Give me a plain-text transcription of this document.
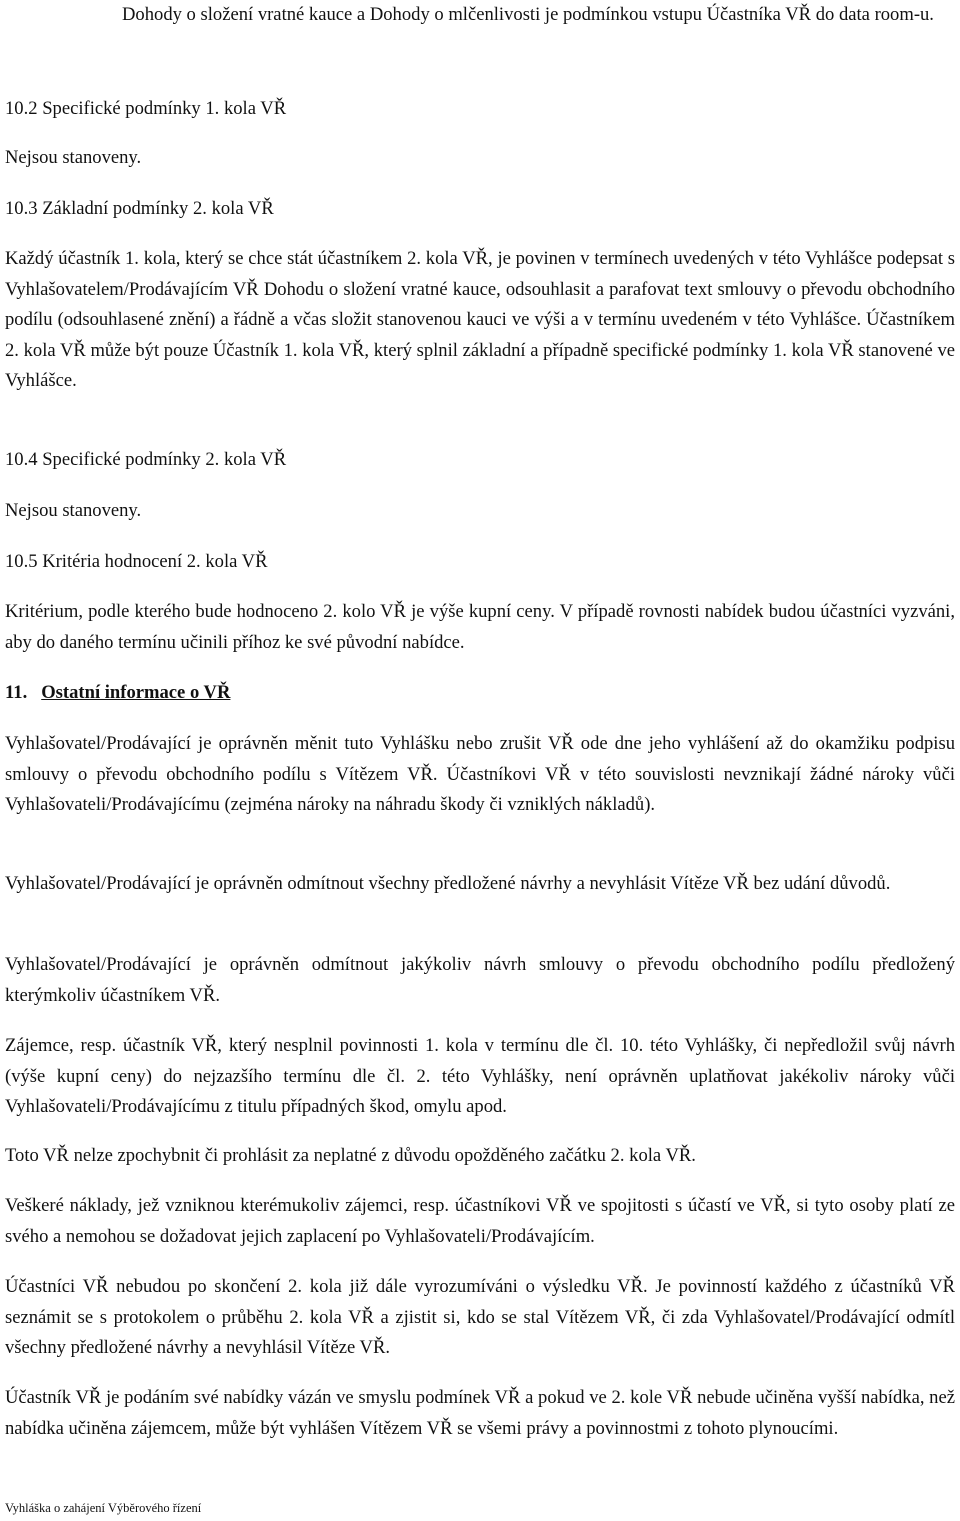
Dohody o složení vratné kauce a Dohody o mlčenlivosti je podmínkou vstupu Účastníka VŘ do data room-u.

10.2 Specifické podmínky 1. kola VŘ

Nejsou stanoveny.

10.3 Základní podmínky 2. kola VŘ

Každý účastník 1. kola, který se chce stát účastníkem 2. kola VŘ, je povinen v termínech uvedených v této Vyhlášce podepsat s Vyhlašovatelem/Prodávajícím VŘ Dohodu o složení vratné kauce, odsouhlasit a parafovat text smlouvy o převodu obchodního podílu (odsouhlasené znění) a řádně a včas složit stanovenou kauci ve výši a v termínu uvedeném v této Vyhlášce. Účastníkem 2. kola VŘ může být pouze Účastník 1. kola VŘ, který splnil základní a případně specifické podmínky 1. kola VŘ stanovené ve Vyhlášce.

10.4 Specifické podmínky 2. kola VŘ

Nejsou stanoveny.

10.5 Kritéria hodnocení 2. kola VŘ

Kritérium, podle kterého bude hodnoceno 2. kolo VŘ je výše kupní ceny. V případě rovnosti nabídek budou účastníci vyzváni, aby do daného termínu učinili příhoz ke své původní nabídce.

11. Ostatní informace o VŘ

Vyhlašovatel/Prodávající je oprávněn měnit tuto Vyhlášku nebo zrušit VŘ ode dne jeho vyhlášení až do okamžiku podpisu smlouvy o převodu obchodního podílu s Vítězem VŘ. Účastníkovi VŘ v této souvislosti nevznikají žádné nároky vůči Vyhlašovateli/Prodávajícímu (zejména nároky na náhradu škody či vzniklých nákladů).

Vyhlašovatel/Prodávající je oprávněn odmítnout všechny předložené návrhy a nevyhlásit Vítěze VŘ bez udání důvodů.

Vyhlašovatel/Prodávající je oprávněn odmítnout jakýkoliv návrh smlouvy o převodu obchodního podílu předložený kterýmkoliv účastníkem VŘ.

Zájemce, resp. účastník VŘ, který nesplnil povinnosti 1. kola v termínu dle čl. 10. této Vyhlášky, či nepředložil svůj návrh (výše kupní ceny) do nejzazšího termínu dle čl. 2. této Vyhlášky, není oprávněn uplatňovat jakékoliv nároky vůči Vyhlašovateli/Prodávajícímu z titulu případných škod, omylu apod.

Toto VŘ nelze zpochybnit či prohlásit za neplatné z důvodu opožděného začátku 2. kola VŘ.

Veškeré náklady, jež vzniknou kterémukoliv zájemci, resp. účastníkovi VŘ ve spojitosti s účastí ve VŘ, si tyto osoby platí ze svého a nemohou se dožadovat jejich zaplacení po Vyhlašovateli/Prodávajícím.

Účastníci VŘ nebudou po skončení 2. kola již dále vyrozumíváni o výsledku VŘ. Je povinností každého z účastníků VŘ seznámit se s protokolem o průběhu 2. kola VŘ a zjistit si, kdo se stal Vítězem VŘ, či zda Vyhlašovatel/Prodávající odmítl všechny předložené návrhy a nevyhlásil Vítěze VŘ.

Účastník VŘ je podáním své nabídky vázán ve smyslu podmínek VŘ a pokud ve 2. kole VŘ nebude učiněna vyšší nabídka, než nabídka učiněna zájemcem, může být vyhlášen Vítězem VŘ se všemi právy a povinnostmi z tohoto plynoucími.

Vyhláška o zahájení Výběrového řízení
